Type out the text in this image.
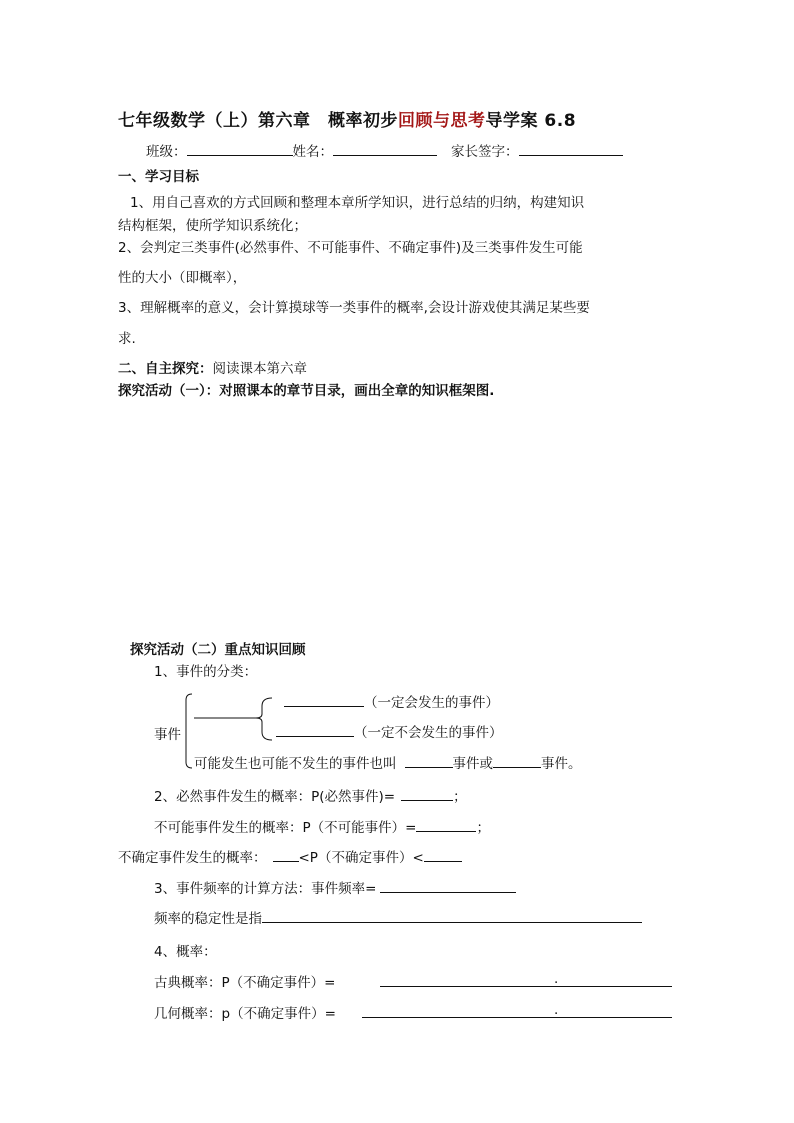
七年级数学（上）第六章　概率初步回顾与思考导学案 6.8
班级：	姓名：	家长签字：
一、学习目标
1、用自己喜欢的方式回顾和整理本章所学知识，进行总结的归纳，构建知识
结构框架，使所学知识系统化；
2、会判定三类事件(必然事件、不可能事件、不确定事件)及三类事件发生可能
性的大小（即概率），
3、理解概率的意义，会计算摸球等一类事件的概率,会设计游戏使其满足某些要
求.
二、自主探究：阅读课本第六章
探究活动（一）：对照课本的章节目录，画出全章的知识框架图.
探究活动（二）重点知识回顾
1、事件的分类：
事件
（一定会发生的事件）
（一定不会发生的事件）
可能发生也可能不发生的事件也叫	事件或	事件。
2、必然事件发生的概率：P(必然事件)=	；
不可能事件发生的概率：P（不可能事件）=	；
不确定事件发生的概率： <P（不确定事件）<
3、事件频率的计算方法：事件频率=
频率的稳定性是指
4、概率：
古典概率：P（不确定事件）=	.
几何概率：p（不确定事件）=	.
